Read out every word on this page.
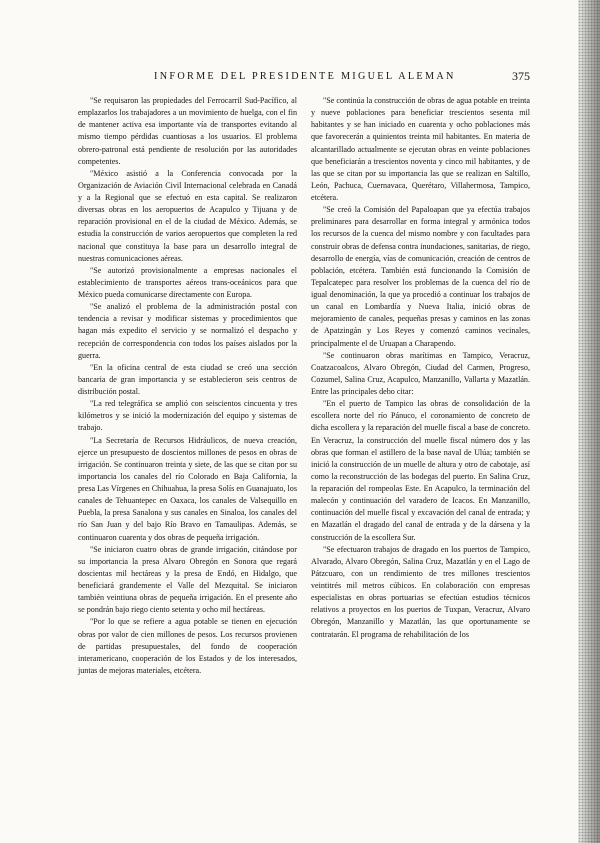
INFORME DEL PRESIDENTE MIGUEL ALEMAN	375

"Se requisaron las propiedades del Ferrocarril Sud-Pacífico, al emplazarlos los trabajadores a un movimiento de huelga, con el fin de mantener activa esa importante vía de transportes evitando al mismo tiempo pérdidas cuantiosas a los usuarios. El problema obrero-patronal está pendiente de resolución por las autoridades competentes.

"México asistió a la Conferencia convocada por la Organización de Aviación Civil Internacional celebrada en Canadá y a la Regional que se efectuó en esta capital. Se realizaron diversas obras en los aeropuertos de Acapulco y Tijuana y de reparación provisional en el de la ciudad de México. Además, se estudia la construcción de varios aeropuertos que completen la red nacional que constituya la base para un desarrollo integral de nuestras comunicaciones aéreas.

"Se autorizó provisionalmente a empresas nacionales el establecimiento de transportes aéreos trans-oceánicos para que México pueda comunicarse directamente con Europa.

"Se analizó el problema de la administración postal con tendencia a revisar y modificar sistemas y procedimientos que hagan más expedito el servicio y se normalizó el despacho y recepción de correspondencia con todos los países aislados por la guerra.

"En la oficina central de esta ciudad se creó una sección bancaria de gran importancia y se establecieron seis centros de distribución postal.

"La red telegráfica se amplió con seiscientos cincuenta y tres kilómetros y se inició la modernización del equipo y sistemas de trabajo.

"La Secretaría de Recursos Hidráulicos, de nueva creación, ejerce un presupuesto de doscientos millones de pesos en obras de irrigación. Se continuaron treinta y siete, de las que se citan por su importancia los canales del río Colorado en Baja California, la presa Las Vírgenes en Chihuahua, la presa Solís en Guanajuato, los canales de Tehuantepec en Oaxaca, los canales de Valsequillo en Puebla, la presa Sanalona y sus canales en Sinaloa, los canales del río San Juan y del bajo Río Bravo en Tamaulipas. Además, se continuaron cuarenta y dos obras de pequeña irrigación.

"Se iniciaron cuatro obras de grande irrigación, citándose por su importancia la presa Alvaro Obregón en Sonora que regará doscientas mil hectáreas y la presa de Endó, en Hidalgo, que beneficiará grandemente el Valle del Mezquital. Se iniciaron también veintiuna obras de pequeña irrigación. En el presente año se pondrán bajo riego ciento setenta y ocho mil hectáreas.

"Por lo que se refiere a agua potable se tienen en ejecución obras por valor de cien millones de pesos. Los recursos provienen de partidas presupuestales, del fondo de cooperación interamericano, cooperación de los Estados y de los interesados, juntas de mejoras materiales, etcétera.

"Se continúa la construcción de obras de agua potable en treinta y nueve poblaciones para beneficiar trescientos sesenta mil habitantes y se han iniciado en cuarenta y ocho poblaciones más que favorecerán a quinientos treinta mil habitantes. En materia de alcantarillado actualmente se ejecutan obras en veinte poblaciones que beneficiarán a trescientos noventa y cinco mil habitantes, y de las que se citan por su importancia las que se realizan en Saltillo, León, Pachuca, Cuernavaca, Querétaro, Villahermosa, Tampico, etcétera.

"Se creó la Comisión del Papaloapan que ya efectúa trabajos preliminares para desarrollar en forma integral y armónica todos los recursos de la cuenca del mismo nombre y con facultades para construir obras de defensa contra inundaciones, sanitarias, de riego, desarrollo de energía, vías de comunicación, creación de centros de población, etcétera. También está funcionando la Comisión de Tepalcatepec para resolver los problemas de la cuenca del río de igual denominación, la que ya procedió a continuar los trabajos de un canal en Lombardía y Nueva Italia, inició obras de mejoramiento de canales, pequeñas presas y caminos en las zonas de Apatzingán y Los Reyes y comenzó caminos vecinales, principalmente el de Uruapan a Charapendo.

"Se continuaron obras marítimas en Tampico, Veracruz, Coatzacoalcos, Alvaro Obregón, Ciudad del Carmen, Progreso, Cozumel, Salina Cruz, Acapulco, Manzanillo, Vallarta y Mazatlán. Entre las principales debo citar:

"En el puerto de Tampico las obras de consolidación de la escollera norte del río Pánuco, el coronamiento de concreto de dicha escollera y la reparación del muelle fiscal a base de concreto. En Veracruz, la construcción del muelle fiscal número dos y las obras que forman el astillero de la base naval de Ulúa; también se inició la construcción de un muelle de altura y otro de cabotaje, así como la reconstrucción de las bodegas del puerto. En Salina Cruz, la reparación del rompeolas Este. En Acapulco, la terminación del malecón y continuación del varadero de Icacos. En Manzanillo, continuación del muelle fiscal y excavación del canal de entrada; y en Mazatlán el dragado del canal de entrada y de la dársena y la construcción de la escollera Sur.

"Se efectuaron trabajos de dragado en los puertos de Tampico, Alvarado, Alvaro Obregón, Salina Cruz, Mazatlán y en el Lago de Pátzcuaro, con un rendimiento de tres millones trescientos veintitrés mil metros cúbicos. En colaboración con empresas especialistas en obras portuarias se efectúan estudios técnicos relativos a proyectos en los puertos de Tuxpan, Veracruz, Alvaro Obregón, Manzanillo y Mazatlán, las que oportunamente se contratarán. El programa de rehabilitación de los
